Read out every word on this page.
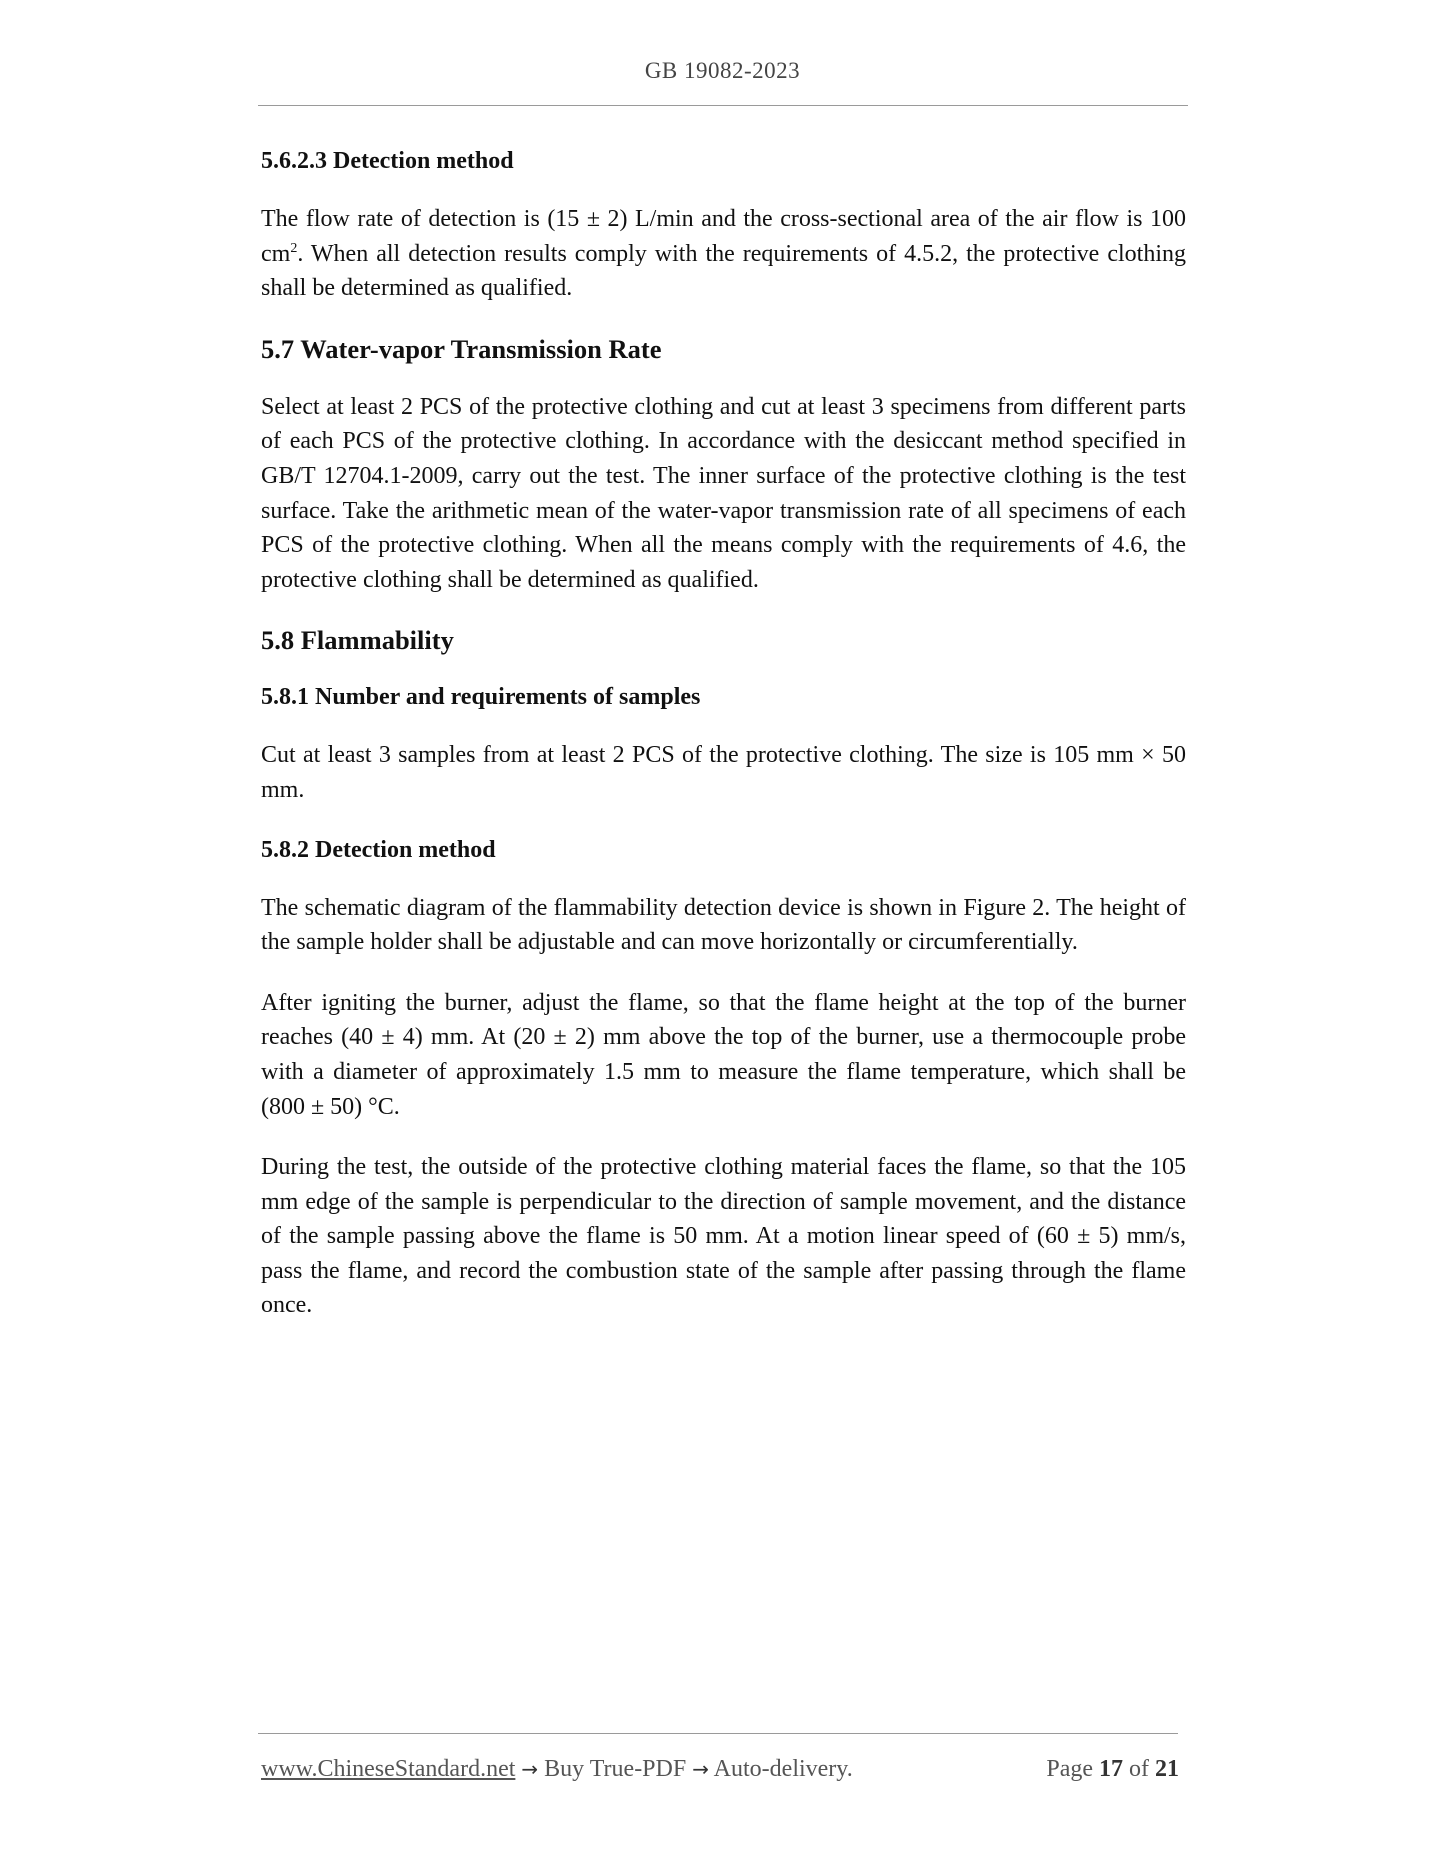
GB 19082-2023
5.6.2.3 Detection method

The flow rate of detection is (15 ± 2) L/min and the cross-sectional area of the air flow is 100 $cm^2$. When all detection results comply with the requirements of 4.5.2, the protective clothing shall be determined as qualified.

5.7 Water-vapor Transmission Rate

Select at least 2 PCS of the protective clothing and cut at least 3 specimens from different parts of each PCS of the protective clothing. In accordance with the desiccant method specified in GB/T 12704.1-2009, carry out the test. The inner surface of the protective clothing is the test surface. Take the arithmetic mean of the water-vapor transmission rate of all specimens of each PCS of the protective clothing. When all the means comply with the requirements of 4.6, the protective clothing shall be determined as qualified.

5.8 Flammability
5.8.1 Number and requirements of samples

Cut at least 3 samples from at least 2 PCS of the protective clothing. The size is 105 mm × 50 mm.

5.8.2 Detection method

The schematic diagram of the flammability detection device is shown in Figure 2. The height of the sample holder shall be adjustable and can move horizontally or circumferentially.

After igniting the burner, adjust the flame, so that the flame height at the top of the burner reaches (40 ± 4) mm. At (20 ± 2) mm above the top of the burner, use a thermocouple probe with a diameter of approximately 1.5 mm to measure the flame temperature, which shall be (800 ± 50) °C.

During the test, the outside of the protective clothing material faces the flame, so that the 105 mm edge of the sample is perpendicular to the direction of sample movement, and the distance of the sample passing above the flame is 50 mm. At a motion linear speed of (60 ± 5) mm/s, pass the flame, and record the combustion state of the sample after passing through the flame once.

www.ChineseStandard.net → Buy True-PDF → Auto-delivery.	Page 17 of 21
